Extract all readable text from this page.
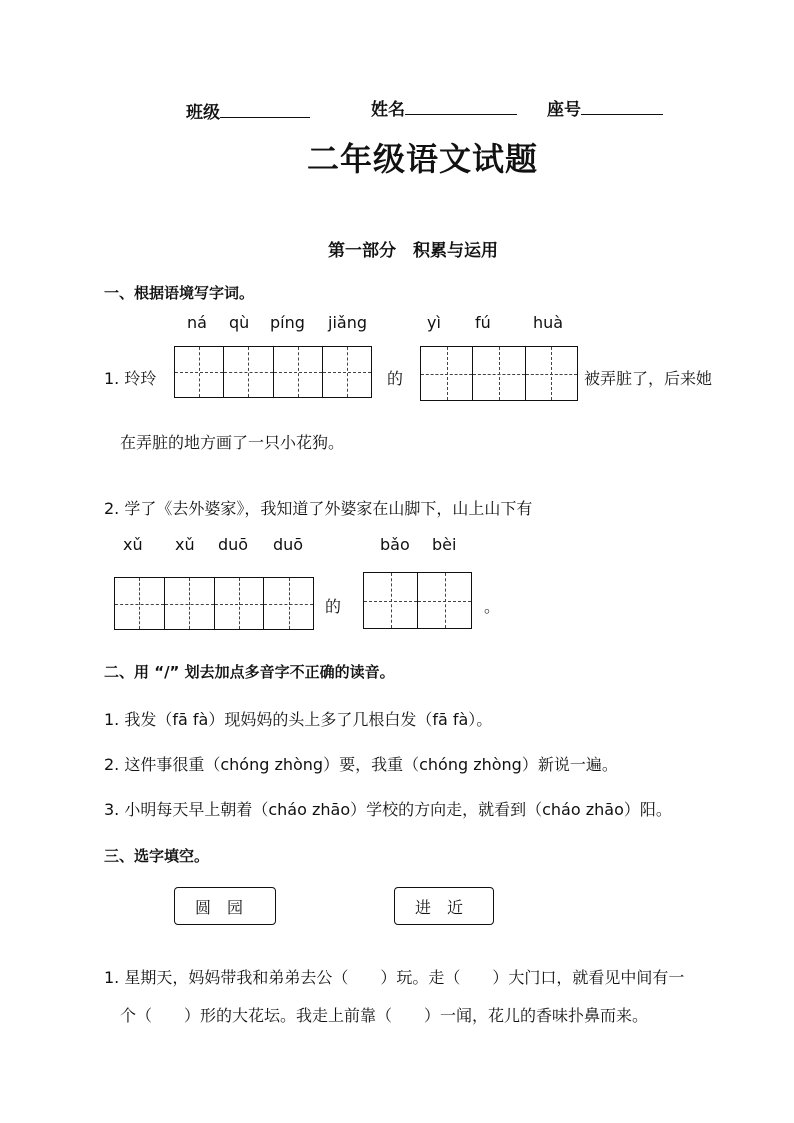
班级	姓名	座号
二年级语文试题
第一部分　积累与运用
一、根据语境写字词。
ná qù píng jiǎng	yì fú	huà
1. 玲玲	的	被弄脏了，后来她
在弄脏的地方画了一只小花狗。
2. 学了《去外婆家》，我知道了外婆家在山脚下，山上山下有
xǔ xǔ duō duō	bǎo bèi
的	。
二、用 “/” 划去加点多音字不正确的读音。
1. 我发（fā fà）现妈妈的头上多了几根白发（fā fà）。
2. 这件事很重（chóng zhòng）要，我重（chóng zhòng）新说一遍。
3. 小明每天早上朝着（cháo zhāo）学校的方向走，就看到（cháo zhāo）阳。
三、选字填空。
圆　园	进　近
1. 星期天，妈妈带我和弟弟去公（　　）玩。走（　　）大门口，就看见中间有一
个（　　）形的大花坛。我走上前靠（　　）一闻，花儿的香味扑鼻而来。
